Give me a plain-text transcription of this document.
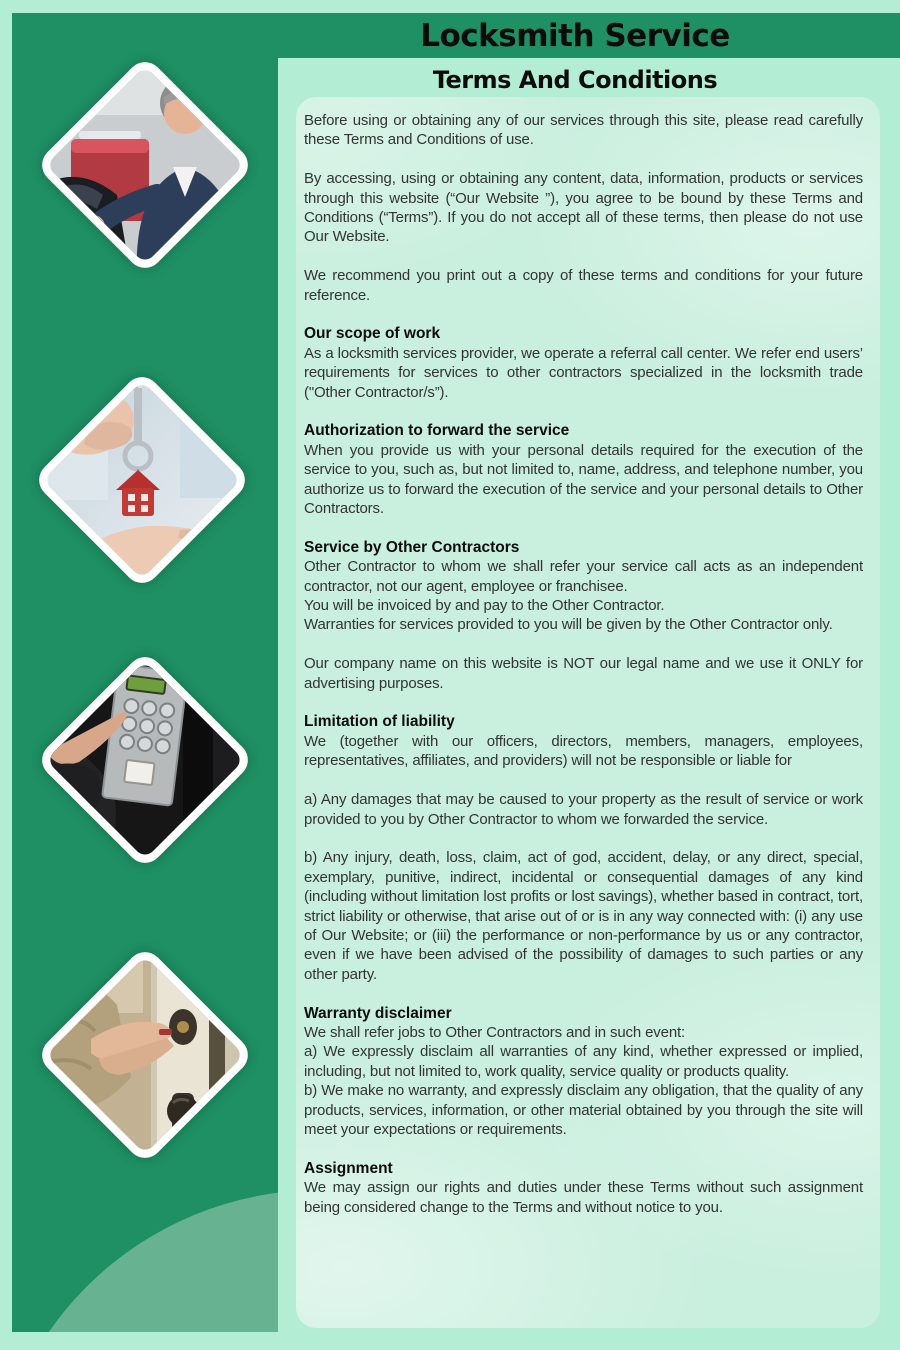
Locksmith Service
Terms And Conditions

Before using or obtaining any of our services through this site, please read carefully these Terms and Conditions of use.

By accessing, using or obtaining any content, data, information, products or services through this website (“Our Website ”), you agree to be bound by these Terms and Conditions (“Terms”). If you do not accept all of these terms, then please do not use Our Website.

We recommend you print out a copy of these terms and conditions for your future reference.

Our scope of work

As a locksmith services provider, we operate a referral call center. We refer end users’ requirements for services to other contractors specialized in the locksmith trade ("Other Contractor/s”).

Authorization to forward the service

When you provide us with your personal details required for the execution of the service to you, such as, but not limited to, name, address, and telephone number, you authorize us to forward the execution of the service and your personal details to Other Contractors.

Service by Other Contractors

Other Contractor to whom we shall refer your service call acts as an independent contractor, not our agent, employee or franchisee.

You will be invoiced by and pay to the Other Contractor.

Warranties for services provided to you will be given by the Other Contractor only.

Our company name on this website is NOT our legal name and we use it ONLY for advertising purposes.

Limitation of liability

We (together with our officers, directors, members, managers, employees, representatives, affiliates, and providers) will not be responsible or liable for

a) Any damages that may be caused to your property as the result of service or work provided to you by Other Contractor to whom we forwarded the service.

b) Any injury, death, loss, claim, act of god, accident, delay, or any direct, special, exemplary, punitive, indirect, incidental or consequential damages of any kind (including without limitation lost profits or lost savings), whether based in contract, tort, strict liability or otherwise, that arise out of or is in any way connected with: (i) any use of Our Website; or (iii) the performance or non-performance by us or any contractor, even if we have been advised of the possibility of damages to such parties or any other party.

Warranty disclaimer

We shall refer jobs to Other Contractors and in such event:

a) We expressly disclaim all warranties of any kind, whether expressed or implied, including, but not limited to, work quality, service quality or products quality.

b) We make no warranty, and expressly disclaim any obligation, that the quality of any products, services, information, or other material obtained by you through the site will meet your expectations or requirements.

Assignment

We may assign our rights and duties under these Terms without such assignment being considered change to the Terms and without notice to you.
